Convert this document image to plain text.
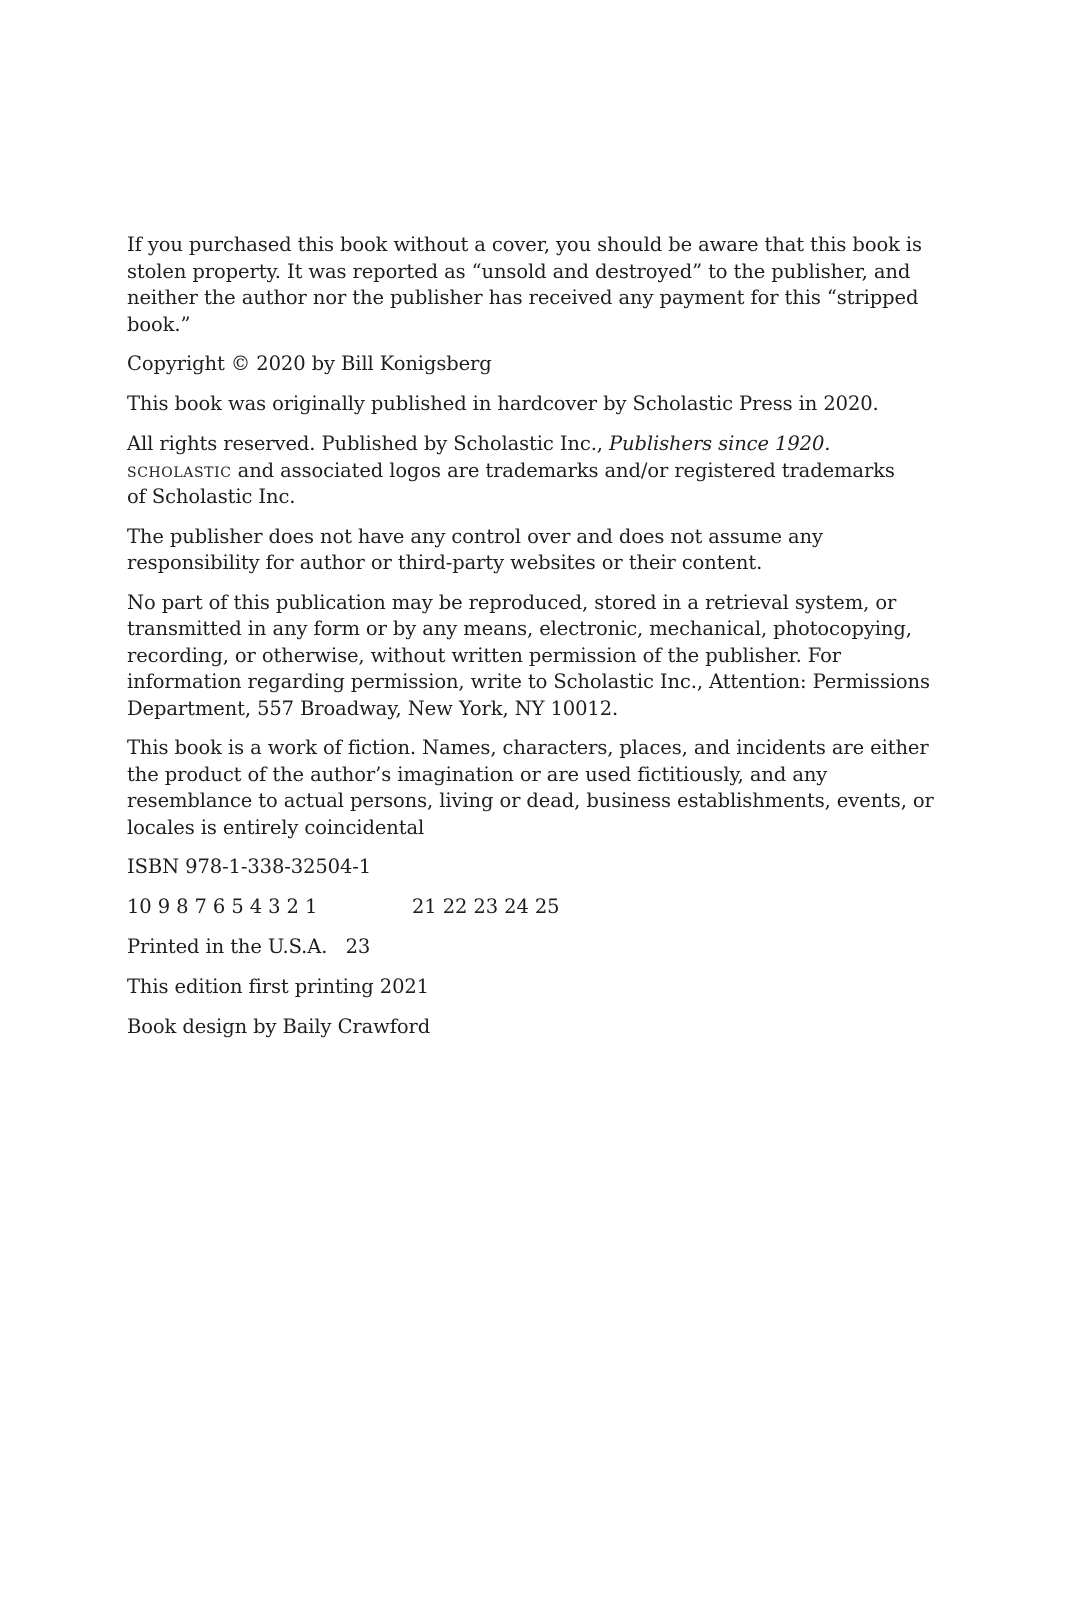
If you purchased this book without a cover, you should be aware that this book is
stolen property. It was reported as “unsold and destroyed” to the publisher, and
neither the author nor the publisher has received any payment for this “stripped
book.”

Copyright © 2020 by Bill Konigsberg

This book was originally published in hardcover by Scholastic Press in 2020.

All rights reserved. Published by Scholastic Inc., Publishers since 1920.
scholastic and associated logos are trademarks and/or registered trademarks
of Scholastic Inc.

The publisher does not have any control over and does not assume any
responsibility for author or third-party websites or their content.

No part of this publication may be reproduced, stored in a retrieval system, or
transmitted in any form or by any means, electronic, mechanical, photocopying,
recording, or otherwise, without written permission of the publisher. For
information regarding permission, write to Scholastic Inc., Attention: Permissions
Department, 557 Broadway, New York, NY 10012.

This book is a work of fiction. Names, characters, places, and incidents are either
the product of the author’s imagination or are used fictitiously, and any
resemblance to actual persons, living or dead, business establishments, events, or
locales is entirely coincidental

ISBN 978-1-338-32504-1

10 9 8 7 6 5 4 3 2 1	21 22 23 24 25

Printed in the U.S.A.   23

This edition first printing 2021

Book design by Baily Crawford
